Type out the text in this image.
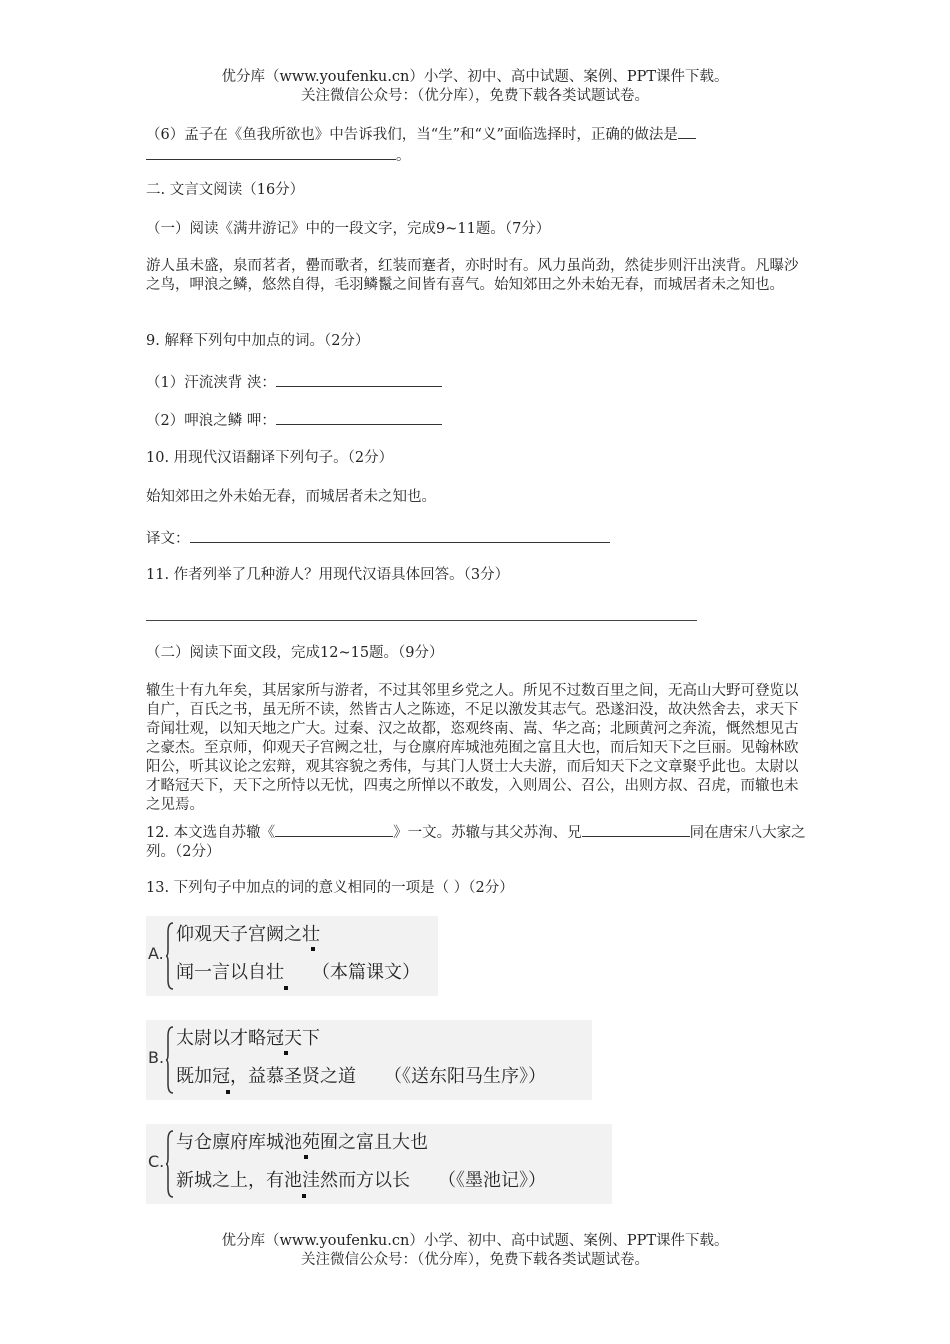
优分库（www.youfenku.cn）小学、初中、高中试题、案例、PPT课件下载。
关注微信公众号：（优分库），免费下载各类试题试卷。
（6）孟子在《鱼我所欲也》中告诉我们，当“生”和“义”面临选择时，正确的做法是
。
二. 文言文阅读（16分）
（一）阅读《满井游记》中的一段文字，完成9~11题。（7分）
游人虽未盛，泉而茗者，罍而歌者，红装而蹇者，亦时时有。风力虽尚劲，然徒步则汗出浃背。凡曝沙之鸟，呷浪之鳞，悠然自得，毛羽鳞鬣之间皆有喜气。始知郊田之外未始无春，而城居者未之知也。
9. 解释下列句中加点的词。（2分）
（1）汗流浃背 浃：
（2）呷浪之鳞 呷：
10. 用现代汉语翻译下列句子。（2分）
始知郊田之外未始无春，而城居者未之知也。
译文：
11. 作者列举了几种游人？用现代汉语具体回答。（3分）
（二）阅读下面文段，完成12~15题。（9分）
辙生十有九年矣，其居家所与游者，不过其邻里乡党之人。所见不过数百里之间，无高山大野可登览以自广，百氏之书，虽无所不读，然皆古人之陈迹，不足以激发其志气。恐遂汩没，故决然舍去，求天下奇闻壮观，以知天地之广大。过秦、汉之故都，恣观终南、嵩、华之高；北顾黄河之奔流，慨然想见古之豪杰。至京师，仰观天子宫阙之壮，与仓廪府库城池苑囿之富且大也，而后知天下之巨丽。见翰林欧阳公，听其议论之宏辩，观其容貌之秀伟，与其门人贤士大夫游，而后知天下之文章聚乎此也。太尉以才略冠天下，天下之所恃以无忧，四夷之所惮以不敢发，入则周公、召公，出则方叔、召虎，而辙也未之见焉。
12. 本文选自苏辙《	》一文。苏辙与其父苏洵、兄	同在唐宋八大家之列。（2分）
13. 下列句子中加点的词的意义相同的一项是（ ）（2分）
A.
仰观天子宫阙之壮
闻一言以自壮 （本篇课文）
B.
太尉以才略冠天下
既加冠，益慕圣贤之道 （《送东阳马生序》）
C.
与仓廪府库城池苑囿之富且大也
新城之上，有池洼然而方以长 （《墨池记》）
优分库（www.youfenku.cn）小学、初中、高中试题、案例、PPT课件下载。
关注微信公众号：（优分库），免费下载各类试题试卷。
